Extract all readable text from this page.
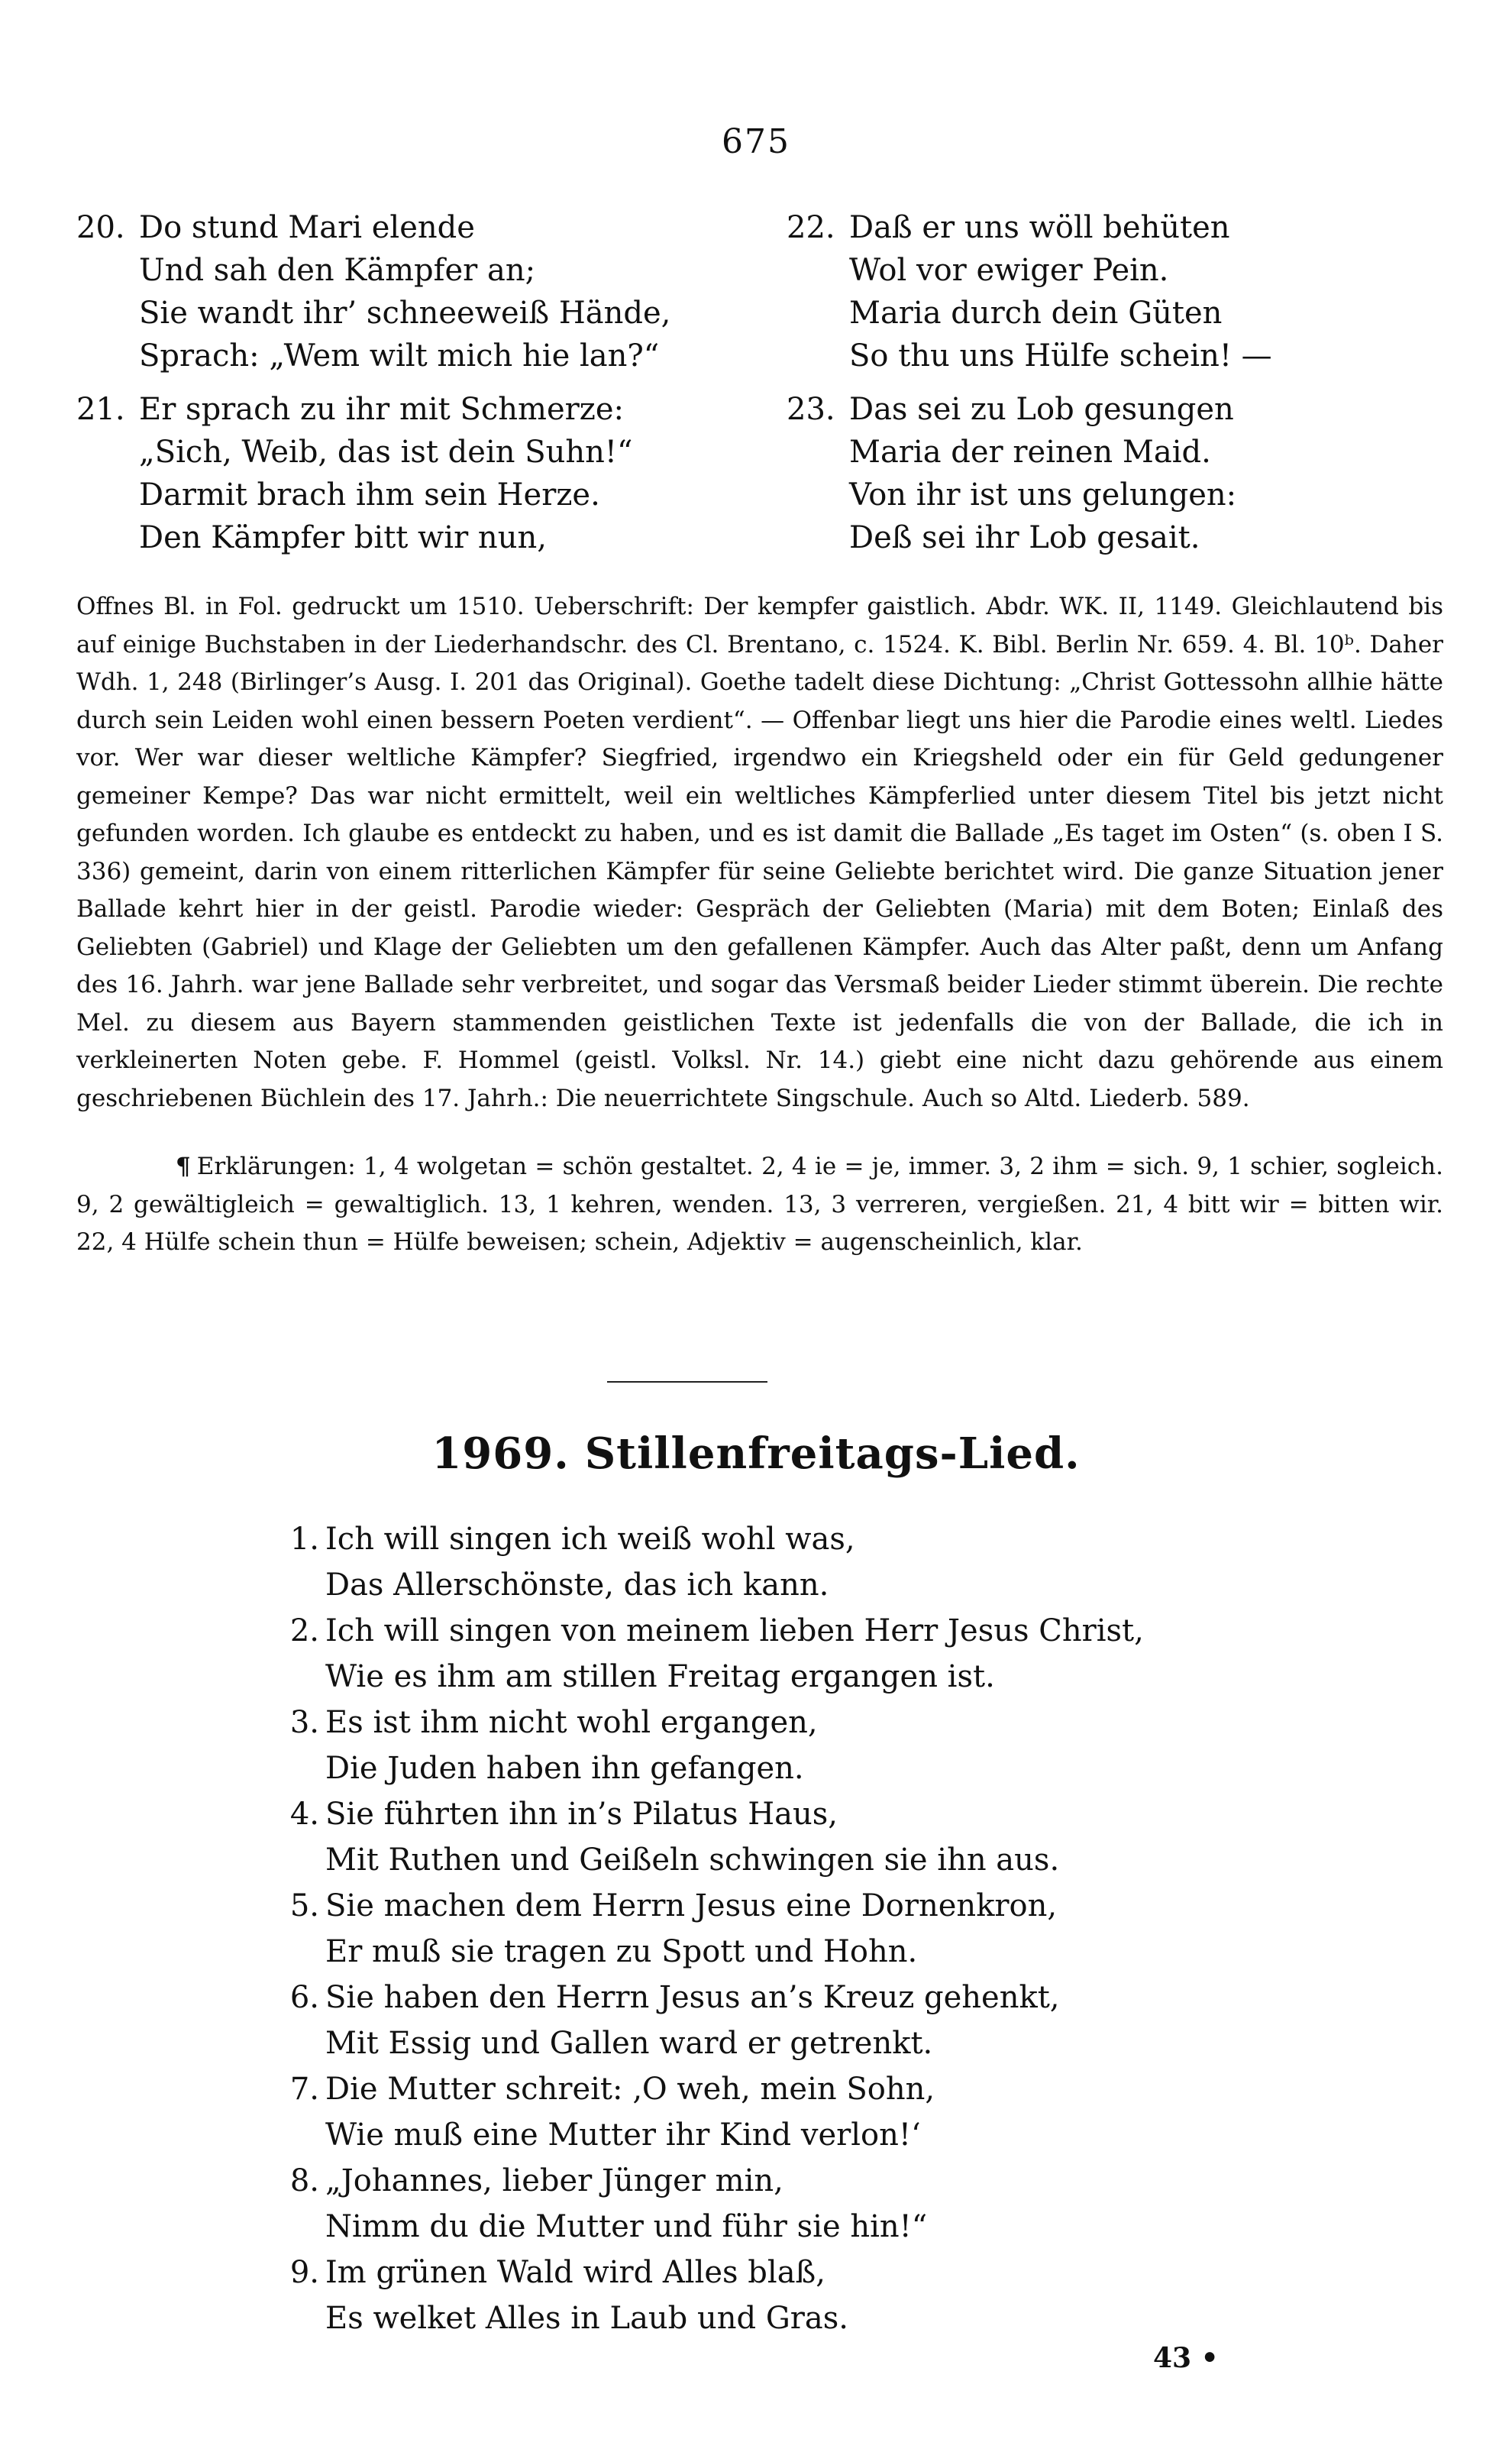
675
20. Do stund Mari elende
Und sah den Kämpfer an;
Sie wandt ihr’ schneeweiß Hände,
Sprach: „Wem wilt mich hie lan?“
21. Er sprach zu ihr mit Schmerze:
„Sich, Weib, das ist dein Suhn!“
Darmit brach ihm sein Herze.
Den Kämpfer bitt wir nun,
22. Daß er uns wöll behüten
Wol vor ewiger Pein.
Maria durch dein Güten
So thu uns Hülfe schein! —
23. Das sei zu Lob gesungen
Maria der reinen Maid.
Von ihr ist uns gelungen:
Deß sei ihr Lob gesait.

Offnes Bl. in Fol. gedruckt um 1510. Ueberschrift: Der kempfer gaistlich. Abdr. WK. II, 1149. Gleichlautend bis auf einige Buchstaben in der Liederhandschr. des Cl. Brentano, c. 1524. K. Bibl. Berlin Nr. 659. 4. Bl. 10ᵇ. Daher Wdh. 1, 248 (Birlinger’s Ausg. I. 201 das Original). Goethe tadelt diese Dichtung: „Christ Gottessohn allhie hätte durch sein Leiden wohl einen bessern Poeten verdient“. — Offenbar liegt uns hier die Parodie eines weltl. Liedes vor. Wer war dieser weltliche Kämpfer? Siegfried, irgendwo ein Kriegsheld oder ein für Geld gedungener gemeiner Kempe? Das war nicht ermittelt, weil ein weltliches Kämpferlied unter diesem Titel bis jetzt nicht gefunden worden. Ich glaube es entdeckt zu haben, und es ist damit die Ballade „Es taget im Osten“ (s. oben I S. 336) gemeint, darin von einem ritterlichen Kämpfer für seine Geliebte berichtet wird. Die ganze Situation jener Ballade kehrt hier in der geistl. Parodie wieder: Gespräch der Geliebten (Maria) mit dem Boten; Einlaß des Geliebten (Gabriel) und Klage der Geliebten um den gefallenen Kämpfer. Auch das Alter paßt, denn um Anfang des 16. Jahrh. war jene Ballade sehr verbreitet, und sogar das Versmaß beider Lieder stimmt überein. Die rechte Mel. zu diesem aus Bayern stammenden geistlichen Texte ist jedenfalls die von der Ballade, die ich in verkleinerten Noten gebe. F. Hommel (geistl. Volksl. Nr. 14.) giebt eine nicht dazu gehörende aus einem geschriebenen Büchlein des 17. Jahrh.: Die neuerrichtete Singschule. Auch so Altd. Liederb. 589.

¶ Erklärungen: 1, 4 wolgetan = schön gestaltet. 2, 4 ie = je, immer. 3, 2 ihm = sich. 9, 1 schier, sogleich. 9, 2 gewältigleich = gewaltiglich. 13, 1 kehren, wenden. 13, 3 verreren, vergießen. 21, 4 bitt wir = bitten wir. 22, 4 Hülfe schein thun = Hülfe beweisen; schein, Adjektiv = augenscheinlich, klar.

1969. Stillenfreitags-Lied.
1. Ich will singen ich weiß wohl was,
Das Allerschönste, das ich kann.
2. Ich will singen von meinem lieben Herr Jesus Christ,
Wie es ihm am stillen Freitag ergangen ist.
3. Es ist ihm nicht wohl ergangen,
Die Juden haben ihn gefangen.
4. Sie führten ihn in’s Pilatus Haus,
Mit Ruthen und Geißeln schwingen sie ihn aus.
5. Sie machen dem Herrn Jesus eine Dornenkron,
Er muß sie tragen zu Spott und Hohn.
6. Sie haben den Herrn Jesus an’s Kreuz gehenkt,
Mit Essig und Gallen ward er getrenkt.
7. Die Mutter schreit: ‚O weh, mein Sohn,
Wie muß eine Mutter ihr Kind verlon!‘
8. „Johannes, lieber Jünger min,
Nimm du die Mutter und führ sie hin!“
9. Im grünen Wald wird Alles blaß,
Es welket Alles in Laub und Gras.
43 •
